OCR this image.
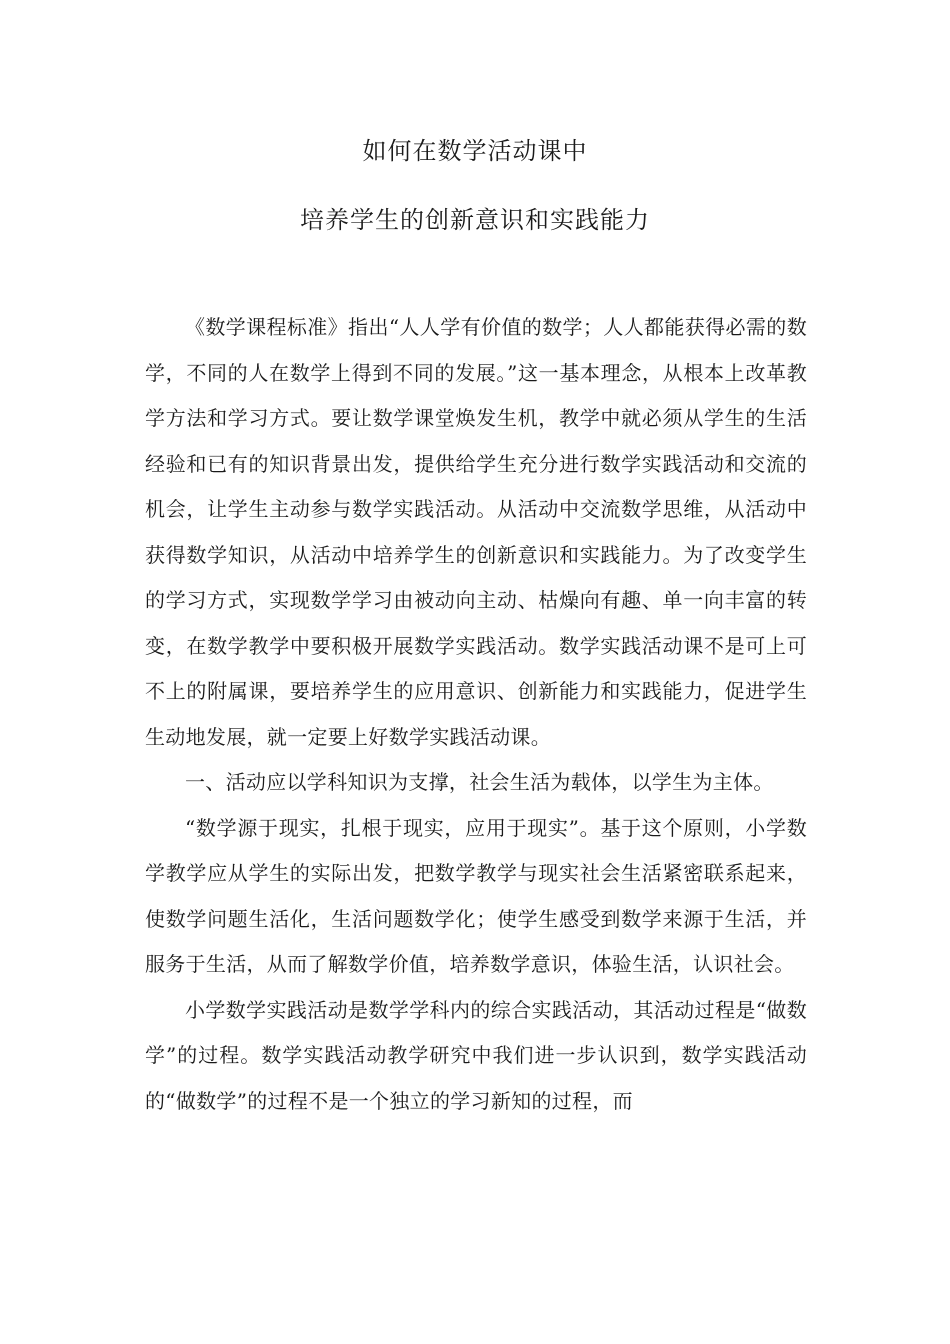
如何在数学活动课中
培养学生的创新意识和实践能力

《数学课程标准》指出“人人学有价值的数学；人人都能获得必需的数学，不同的人在数学上得到不同的发展。”这一基本理念，从根本上改革教学方法和学习方式。要让数学课堂焕发生机，教学中就必须从学生的生活经验和已有的知识背景出发，提供给学生充分进行数学实践活动和交流的机会，让学生主动参与数学实践活动。从活动中交流数学思维，从活动中获得数学知识，从活动中培养学生的创新意识和实践能力。为了改变学生的学习方式，实现数学学习由被动向主动、枯燥向有趣、单一向丰富的转变，在数学教学中要积极开展数学实践活动。数学实践活动课不是可上可不上的附属课，要培养学生的应用意识、创新能力和实践能力，促进学生生动地发展，就一定要上好数学实践活动课。

一、活动应以学科知识为支撑，社会生活为载体，以学生为主体。

“数学源于现实，扎根于现实，应用于现实”。基于这个原则，小学数学教学应从学生的实际出发，把数学教学与现实社会生活紧密联系起来，使数学问题生活化，生活问题数学化；使学生感受到数学来源于生活，并服务于生活，从而了解数学价值，培养数学意识，体验生活，认识社会。

小学数学实践活动是数学学科内的综合实践活动，其活动过程是“做数学”的过程。数学实践活动教学研究中我们进一步认识到，数学实践活动的“做数学”的过程不是一个独立的学习新知的过程，而
